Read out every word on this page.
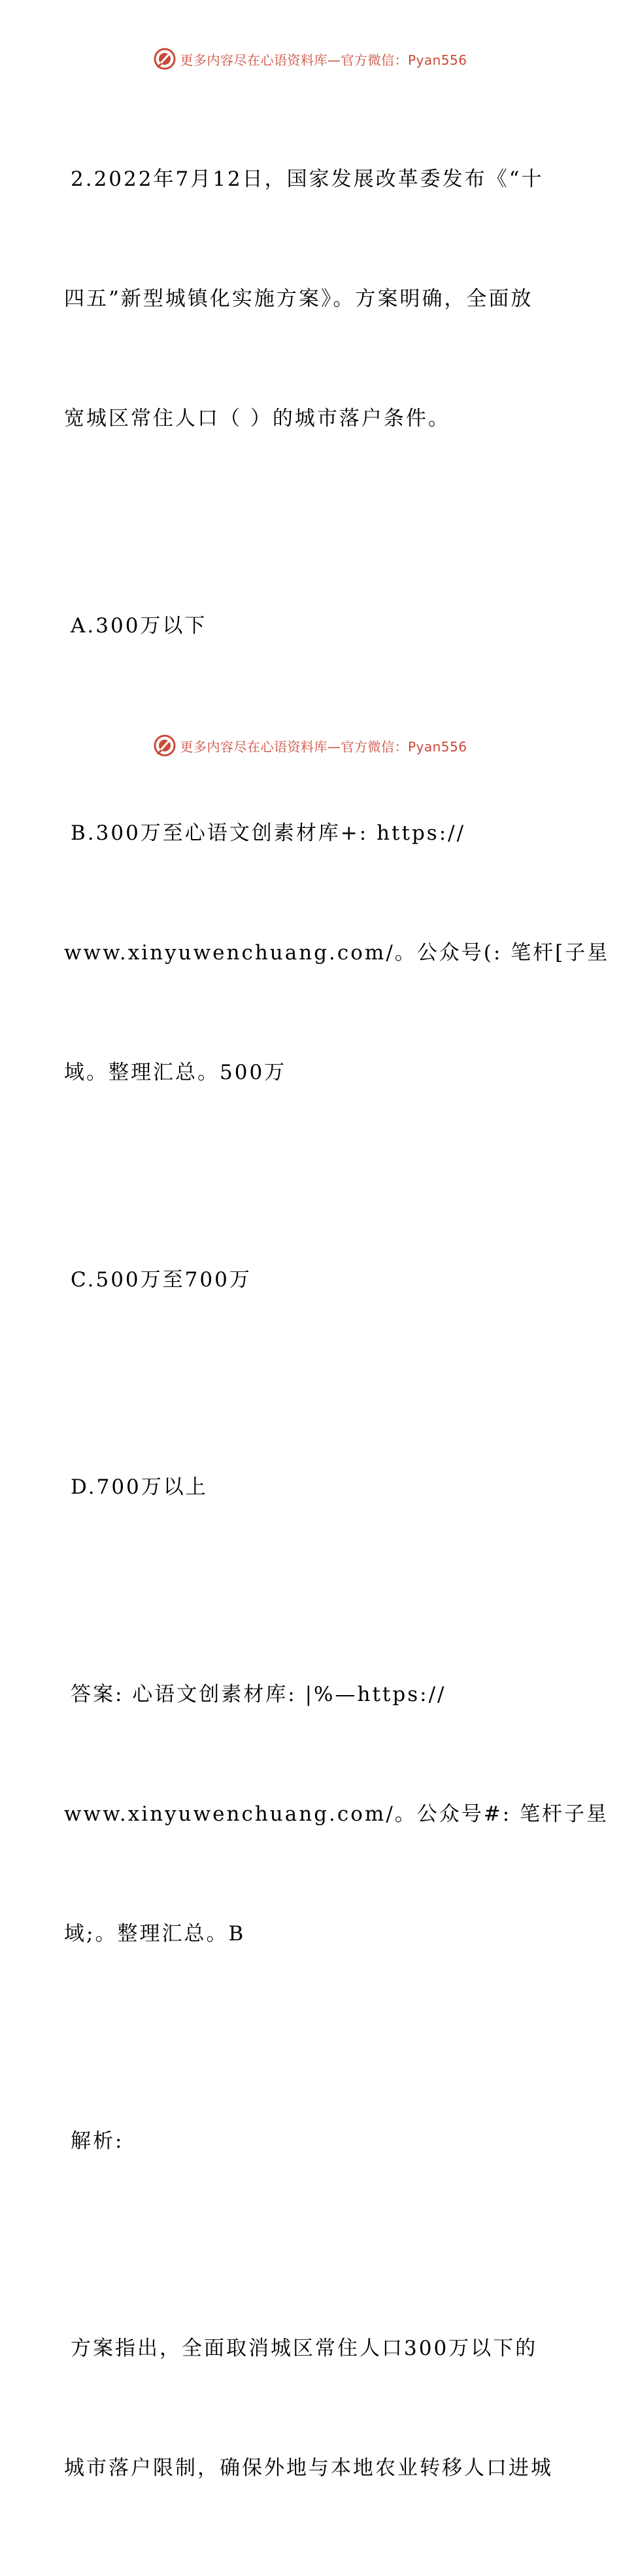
更多内容尽在心语资料库—官方微信：Pyan556

2.2022年7月12日，国家发展改革委发布《“十

四五”新型城镇化实施方案》。方案明确，全面放

宽城区常住人口（ ）的城市落户条件。

A.300万以下

B.300万至心语文创素材库+: https://

www.xinyuwenchuang.com/。公众号(: 笔杆[子星

域。整理汇总。500万

C.500万至700万

D.700万以上

答案: 心语文创素材库: |%—https://

www.xinyuwenchuang.com/。公众号#: 笔杆子星

域;。整理汇总。B

解析:

方案指出，全面取消城区常住人口300万以下的

城市落户限制，确保外地与本地农业转移人口进城

更多内容尽在心语资料库—官方微信：Pyan556
